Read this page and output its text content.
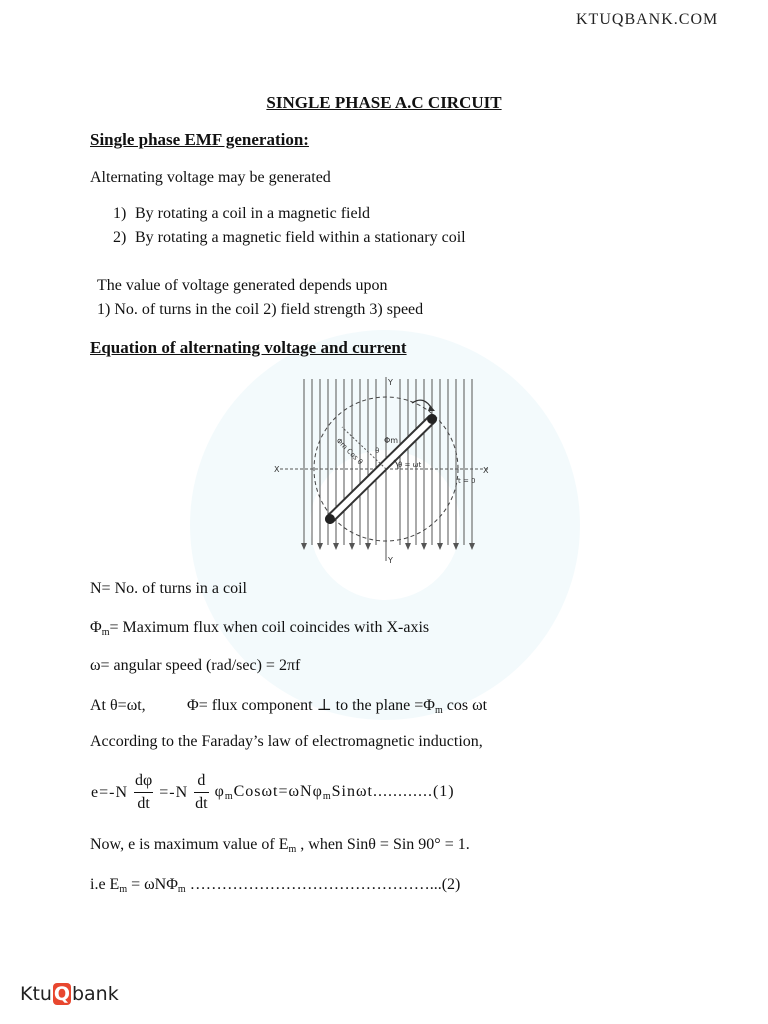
KTUQBANK.COM
SINGLE PHASE A.C CIRCUIT
Single phase EMF generation:
Alternating voltage may be generated
1) By rotating a coil in a magnetic field
2) By rotating a magnetic field within a stationary coil
The value of voltage generated depends upon
1) No. of turns in the coil 2) field strength 3) speed
Equation of alternating voltage and current
Y
Y
X	X
t = 0
Φm
θ = ωt
θ
Φm Cos θ
N= No. of turns in a coil
$\Phi_m=$ Maximum flux when coil coincides with X-axis
ω= angular speed (rad/sec) = 2πf
At θ=ωt,	Φ= flux component ⊥ to the plane $=\Phi_m$ cos ωt
According to the Faraday’s law of electromagnetic induction,
$e=-N \frac{d\varphi}{dt} =-N \frac{d}{dt} \varphi_mCos\omega t=\omega N\varphi_mSin\omega t............(1)$
Now, e is maximum value of $E_m$ , when Sinθ = Sin 90° = 1.
i.e $E_m = \omega N\Phi_m$ ………………………………………...(2)
Ktu Q bank
